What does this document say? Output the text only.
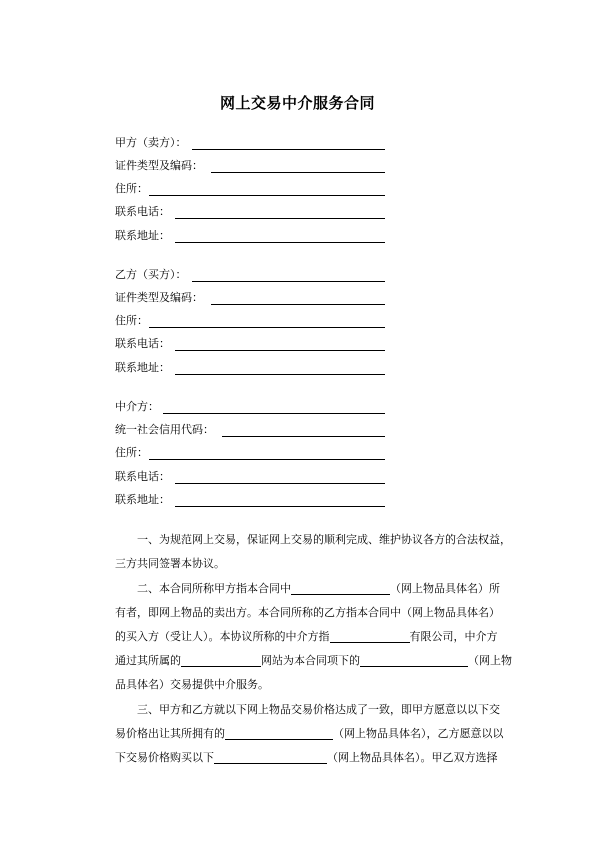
网上交易中介服务合同
甲方（卖方）：
证件类型及编码：
住所：
联系电话：
联系地址：
乙方（买方）：
证件类型及编码：
住所：
联系电话：
联系地址：
中介方：
统一社会信用代码：
住所：
联系电话：
联系地址：
一、为规范网上交易，保证网上交易的顺利完成、维护协议各方的合法权益，
三方共同签署本协议。
二、本合同所称甲方指本合同中	（网上物品具体名）所
有者，即网上物品的卖出方。本合同所称的乙方指本合同中（网上物品具体名）
的买入方（受让人）。本协议所称的中介方指	有限公司，中介方
通过其所属的	网站为本合同项下的	（网上物
品具体名）交易提供中介服务。
三、甲方和乙方就以下网上物品交易价格达成了一致，即甲方愿意以以下交
易价格出让其所拥有的	（网上物品具体名），乙方愿意以以
下交易价格购买以下	（网上物品具体名）。甲乙双方选择
